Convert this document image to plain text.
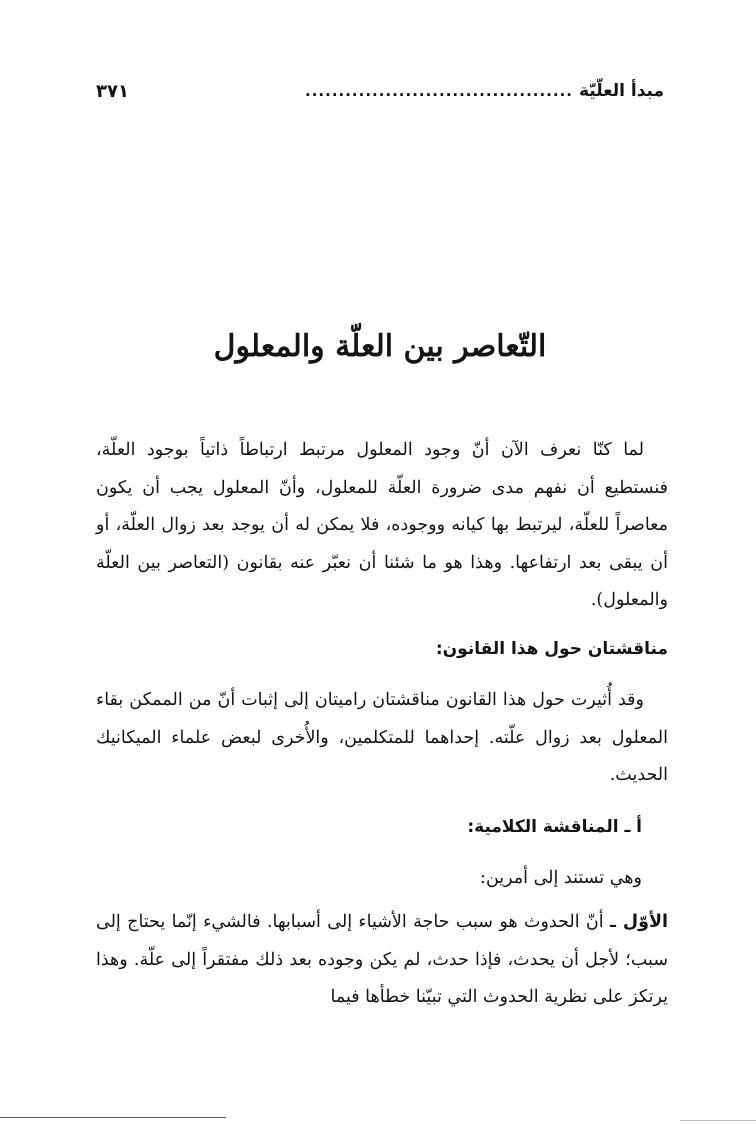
مبدأ العلّيّة
........................................
٣٧١
التّعاصر بين العلّة والمعلول
لما كنّا نعرف الآن أنّ وجود المعلول مرتبط ارتباطاً ذاتياً بوجود العلّة، فنستطيع أن نفهم مدى ضرورة العلّة للمعلول، وأنّ المعلول يجب أن يكون معاصراً للعلّة، ليرتبط بها كيانه ووجوده، فلا يمكن له أن يوجد بعد زوال العلّة، أو أن يبقى بعد ارتفاعها. وهذا هو ما شئنا أن نعبّر عنه بقانون (التعاصر بين العلّة والمعلول).
مناقشتان حول هذا القانون:
وقد أُثيرت حول هذا القانون مناقشتان راميتان إلى إثبات أنّ من الممكن بقاء المعلول بعد زوال علّته. إحداهما للمتكلمين، والأُخرى لبعض علماء الميكانيك الحديث.
أ ـ المناقشة الكلامية:
وهي تستند إلى أمرين:
الأوّل ـ أنّ الحدوث هو سبب حاجة الأشياء إلى أسبابها. فالشيء إنّما يحتاج إلى سبب؛ لأجل أن يحدث، فإذا حدث، لم يكن وجوده بعد ذلك مفتقراً إلى علّة. وهذا يرتكز على نظرية الحدوث التي تبيّنا خطأها فيما
